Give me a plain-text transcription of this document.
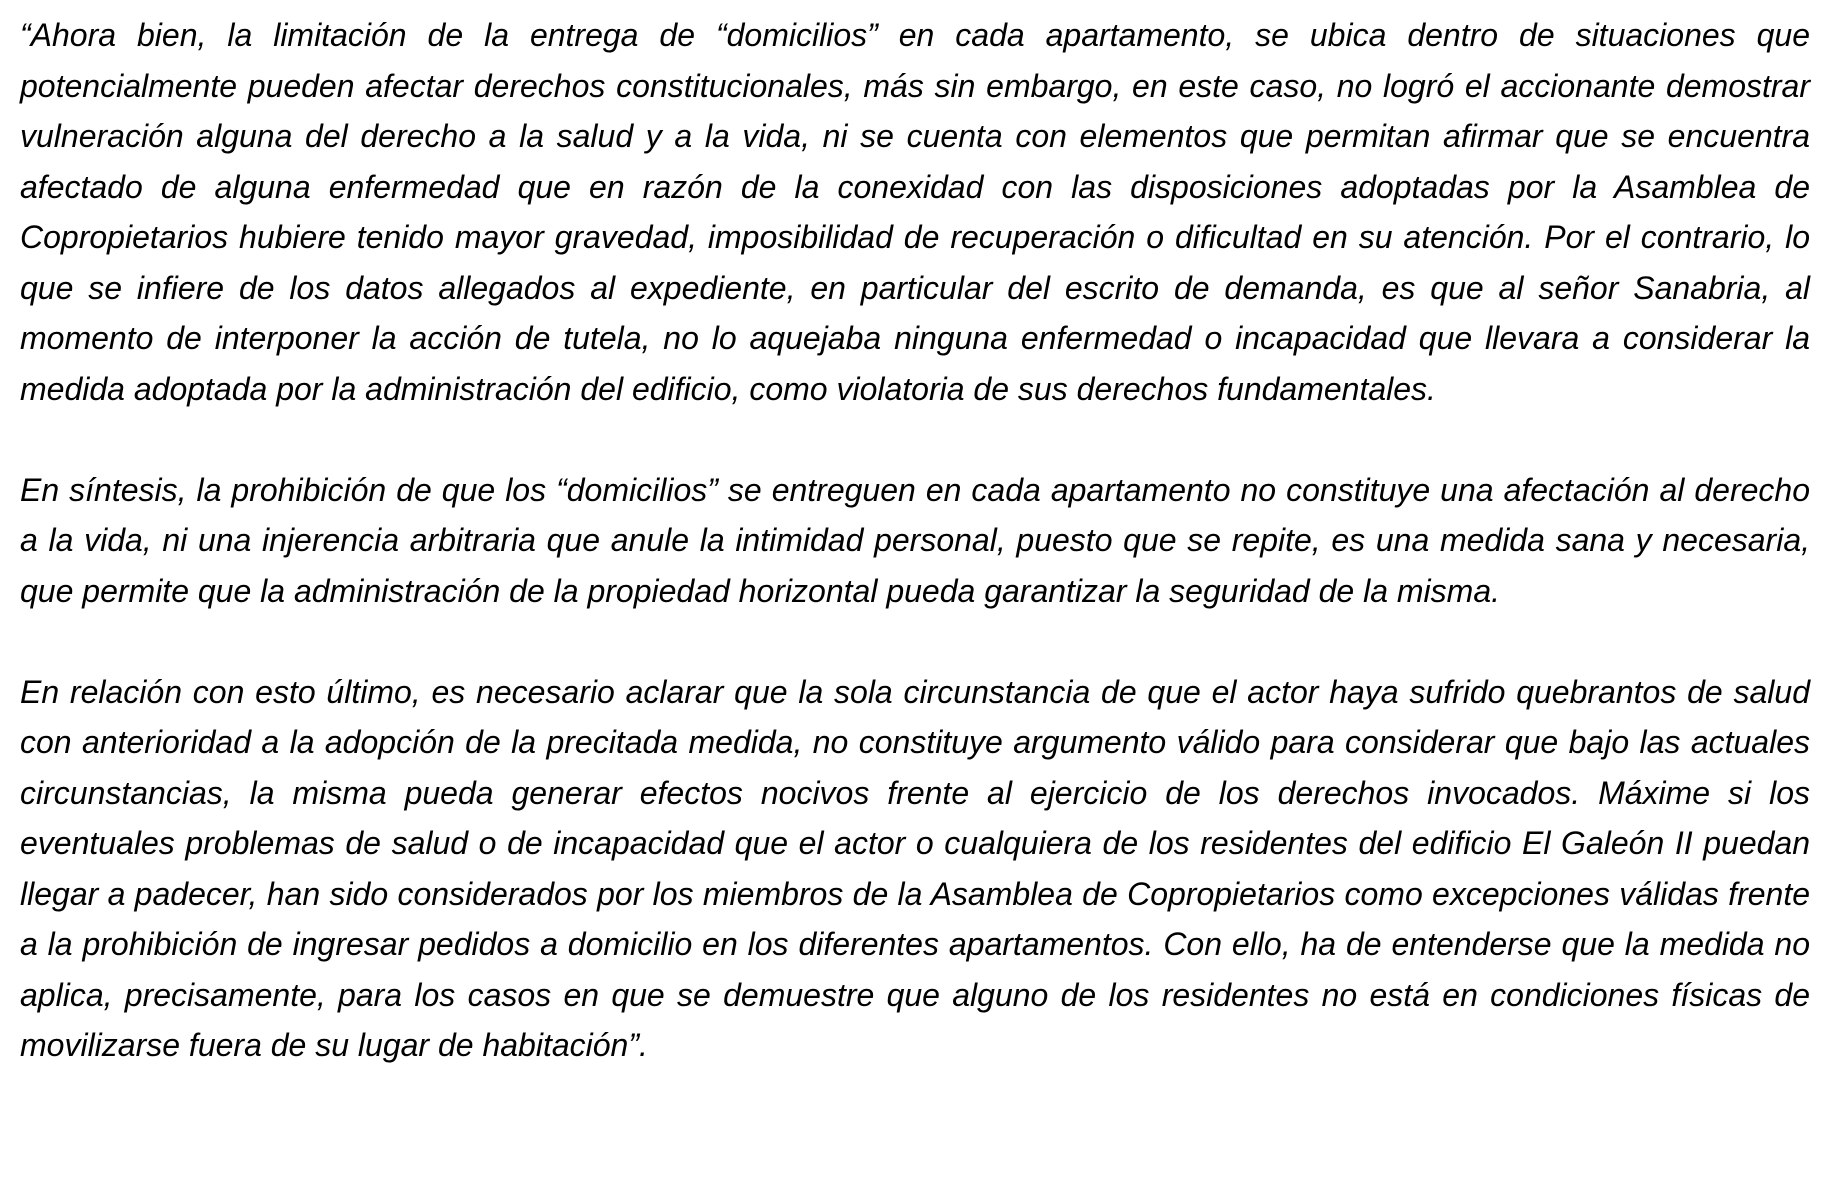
“Ahora bien, la limitación de la entrega de “domicilios” en cada apartamento, se ubica dentro de situaciones que potencialmente pueden afectar derechos constitucionales, más sin embargo, en este caso, no logró el accionante demostrar vulneración alguna del derecho a la salud y a la vida, ni se cuenta con elementos que permitan afirmar que se encuentra afectado de alguna enfermedad que en razón de la conexidad con las disposiciones adoptadas por la Asamblea de Copropietarios hubiere tenido mayor gravedad, imposibilidad de recuperación o dificultad en su atención. Por el contrario, lo que se infiere de los datos allegados al expediente, en particular del escrito de demanda, es que al señor Sanabria, al momento de interponer la acción de tutela, no lo aquejaba ninguna enfermedad o incapacidad que llevara a considerar la medida adoptada por la administración del edificio, como violatoria de sus derechos fundamentales.

En síntesis, la prohibición de que los “domicilios” se entreguen en cada apartamento no constituye una afectación al derecho a la vida, ni una injerencia arbitraria que anule la intimidad personal, puesto que se repite, es una medida sana y necesaria, que permite que la administración de la propiedad horizontal pueda garantizar la seguridad de la misma.

En relación con esto último, es necesario aclarar que la sola circunstancia de que el actor haya sufrido quebrantos de salud con anterioridad a la adopción de la precitada medida, no constituye argumento válido para considerar que bajo las actuales circunstancias, la misma pueda generar efectos nocivos frente al ejercicio de los derechos invocados. Máxime si los eventuales problemas de salud o de incapacidad que el actor o cualquiera de los residentes del edificio El Galeón II puedan llegar a padecer, han sido considerados por los miembros de la Asamblea de Copropietarios como excepciones válidas frente a la prohibición de ingresar pedidos a domicilio en los diferentes apartamentos. Con ello, ha de entenderse que la medida no aplica, precisamente, para los casos en que se demuestre que alguno de los residentes no está en condiciones físicas de movilizarse fuera de su lugar de habitación”.
